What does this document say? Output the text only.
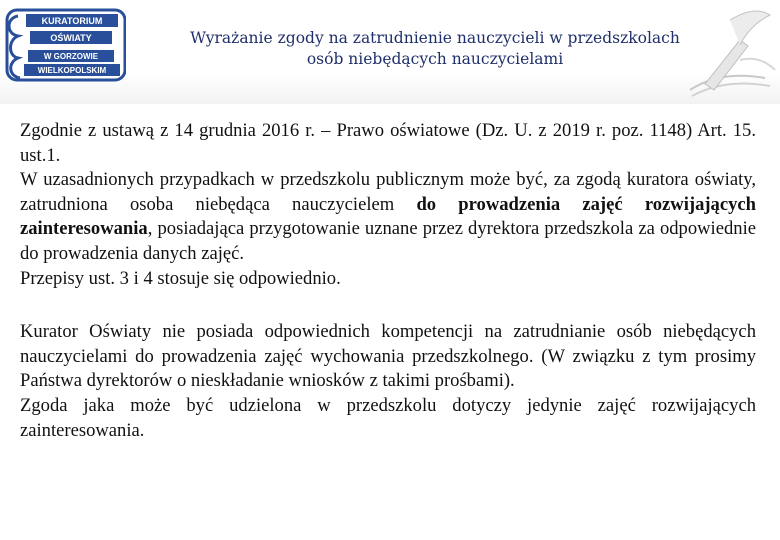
KURATORIUM
OŚWIATY
W GORZOWIE
WIELKOPOLSKIM
Wyrażanie zgody na zatrudnienie nauczycieli w przedszkolach
osób niebędących nauczycielami

Zgodnie z ustawą z 14 grudnia 2016 r. – Prawo oświatowe (Dz. U. z 2019 r. poz. 1148) Art. 15. ust.1.

W uzasadnionych przypadkach w przedszkolu publicznym może być, za zgodą kuratora oświaty, zatrudniona osoba niebędąca nauczycielem do prowadzenia zajęć rozwijających zainteresowania, posiadająca przygotowanie uznane przez dyrektora przedszkola za odpowiednie do prowadzenia danych zajęć.

Przepisy ust. 3 i 4 stosuje się odpowiednio.

Kurator Oświaty nie posiada odpowiednich kompetencji na zatrudnianie osób niebędących nauczycielami do prowadzenia zajęć wychowania przedszkolnego. (W związku z tym prosimy Państwa dyrektorów o nieskładanie wniosków z takimi prośbami).

Zgoda jaka może być udzielona w przedszkolu dotyczy jedynie zajęć rozwijających zainteresowania.
